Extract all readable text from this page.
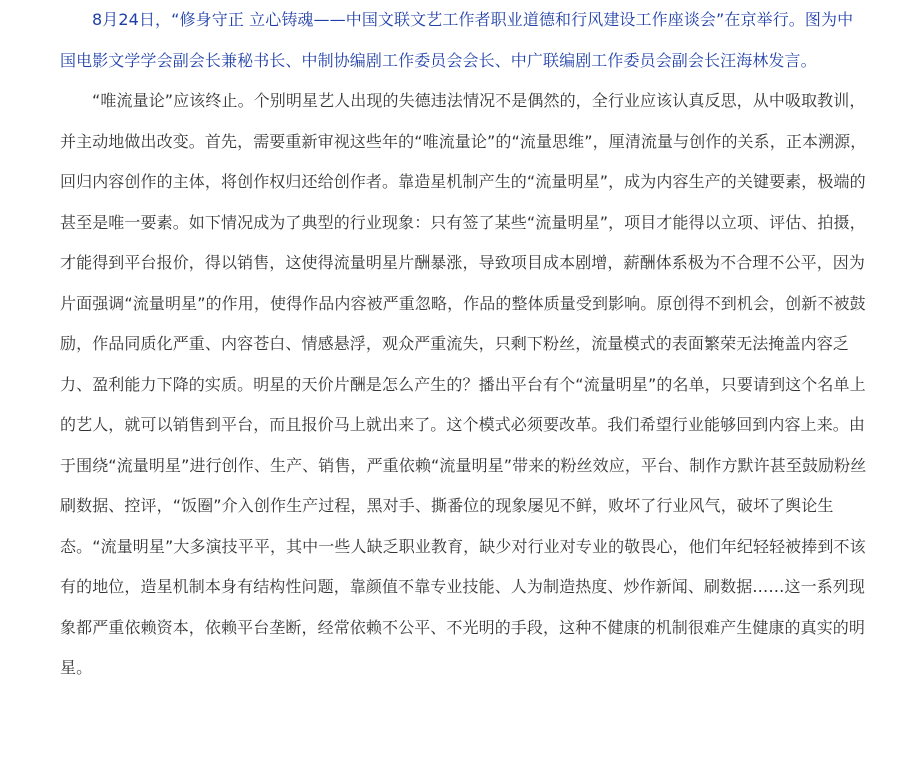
8月24日，“修身守正 立心铸魂——中国文联文艺工作者职业道德和行风建设工作座谈会”在京举行。图为中国电影文学学会副会长兼秘书长、中制协编剧工作委员会会长、中广联编剧工作委员会副会长汪海林发言。

“唯流量论”应该终止。个别明星艺人出现的失德违法情况不是偶然的，全行业应该认真反思，从中吸取教训，并主动地做出改变。首先，需要重新审视这些年的“唯流量论”的“流量思维”，厘清流量与创作的关系，正本溯源，回归内容创作的主体，将创作权归还给创作者。靠造星机制产生的“流量明星”，成为内容生产的关键要素，极端的甚至是唯一要素。如下情况成为了典型的行业现象：只有签了某些“流量明星”，项目才能得以立项、评估、拍摄，才能得到平台报价，得以销售，这使得流量明星片酬暴涨，导致项目成本剧增，薪酬体系极为不合理不公平，因为片面强调“流量明星”的作用，使得作品内容被严重忽略，作品的整体质量受到影响。原创得不到机会，创新不被鼓励，作品同质化严重、内容苍白、情感悬浮，观众严重流失，只剩下粉丝，流量模式的表面繁荣无法掩盖内容乏力、盈利能力下降的实质。明星的天价片酬是怎么产生的？播出平台有个“流量明星”的名单，只要请到这个名单上的艺人，就可以销售到平台，而且报价马上就出来了。这个模式必须要改革。我们希望行业能够回到内容上来。由于围绕“流量明星”进行创作、生产、销售，严重依赖“流量明星”带来的粉丝效应，平台、制作方默许甚至鼓励粉丝刷数据、控评，“饭圈”介入创作生产过程，黑对手、撕番位的现象屡见不鲜，败坏了行业风气，破坏了舆论生态。“流量明星”大多演技平平，其中一些人缺乏职业教育，缺少对行业对专业的敬畏心，他们年纪轻轻被捧到不该有的地位，造星机制本身有结构性问题，靠颜值不靠专业技能、人为制造热度、炒作新闻、刷数据……这一系列现象都严重依赖资本，依赖平台垄断，经常依赖不公平、不光明的手段，这种不健康的机制很难产生健康的真实的明星。
